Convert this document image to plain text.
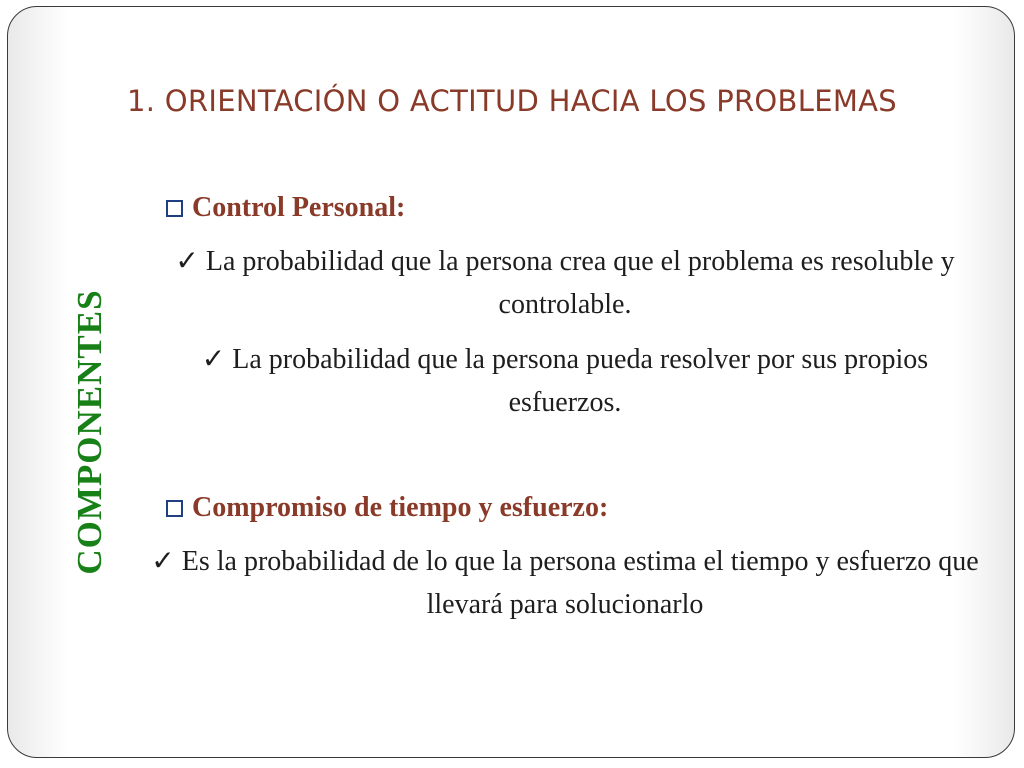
1. ORIENTACIÓN O ACTITUD HACIA LOS PROBLEMAS
COMPONENTES

Control Personal:

✓ La probabilidad que la persona crea que el problema es resoluble y controlable.

✓ La probabilidad que la persona pueda resolver por sus propios esfuerzos.

Compromiso de tiempo y esfuerzo:

✓ Es la probabilidad de lo que la persona estima el tiempo y esfuerzo que llevará para solucionarlo
